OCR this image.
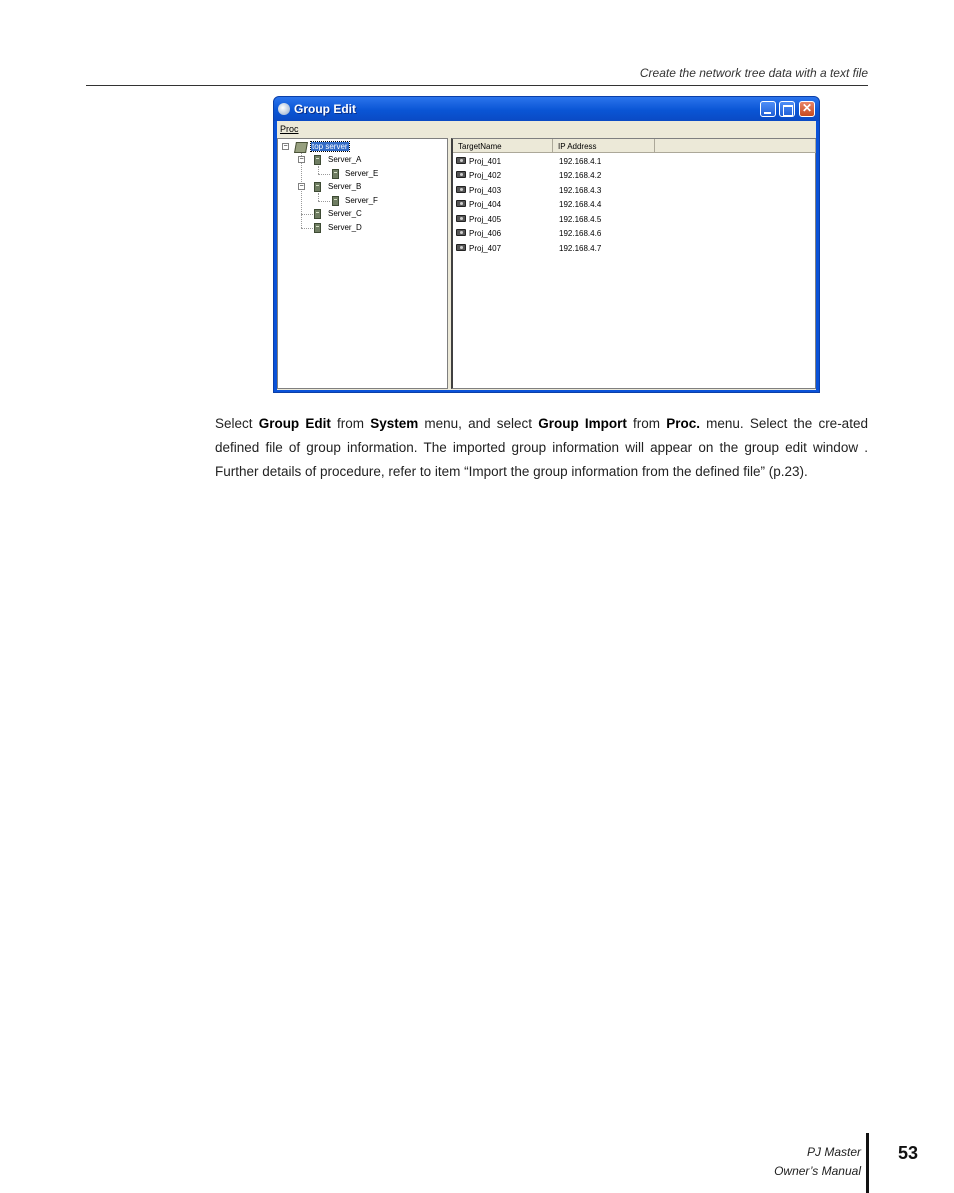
Create the network tree data with a text file
Group Edit	✕
Proc
−	top server
−	Server_A
Server_E
−	Server_B
Server_F
Server_C
Server_D
TargetName	IP Address
Proj_401	192.168.4.1
Proj_402	192.168.4.2
Proj_403	192.168.4.3
Proj_404	192.168.4.4
Proj_405	192.168.4.5
Proj_406	192.168.4.6
Proj_407	192.168.4.7

Select Group Edit from System menu, and select Group Import from Proc. menu. Select the cre-ated defined file of group information. The imported group information will appear on the group edit window . Further details of procedure, refer to item “Import the group information from the defined file” (p.23).

PJ Master
Owner’s Manual
53
